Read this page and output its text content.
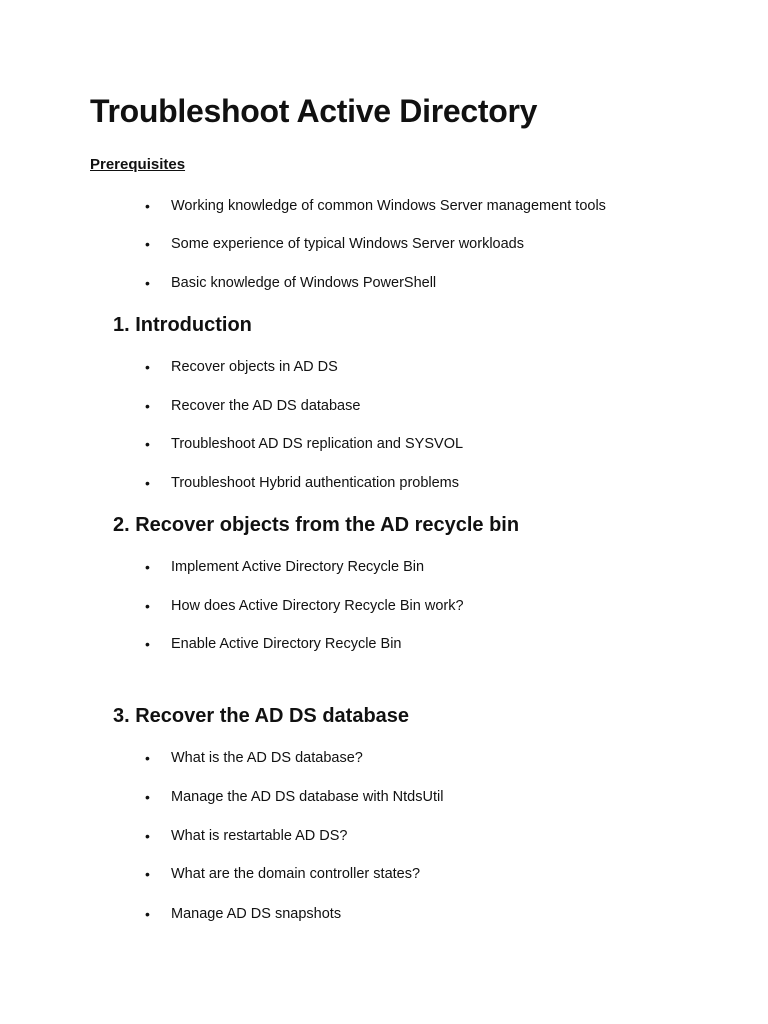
Troubleshoot Active Directory
Prerequisites
•	Working knowledge of common Windows Server management tools
•	Some experience of typical Windows Server workloads
•	Basic knowledge of Windows PowerShell
1. Introduction
•	Recover objects in AD DS
•	Recover the AD DS database
•	Troubleshoot AD DS replication and SYSVOL
•	Troubleshoot Hybrid authentication problems
2. Recover objects from the AD recycle bin
•	Implement Active Directory Recycle Bin
•	How does Active Directory Recycle Bin work?
•	Enable Active Directory Recycle Bin
3. Recover the AD DS database
•	What is the AD DS database?
•	Manage the AD DS database with NtdsUtil
•	What is restartable AD DS?
•	What are the domain controller states?
•	Manage AD DS snapshots
